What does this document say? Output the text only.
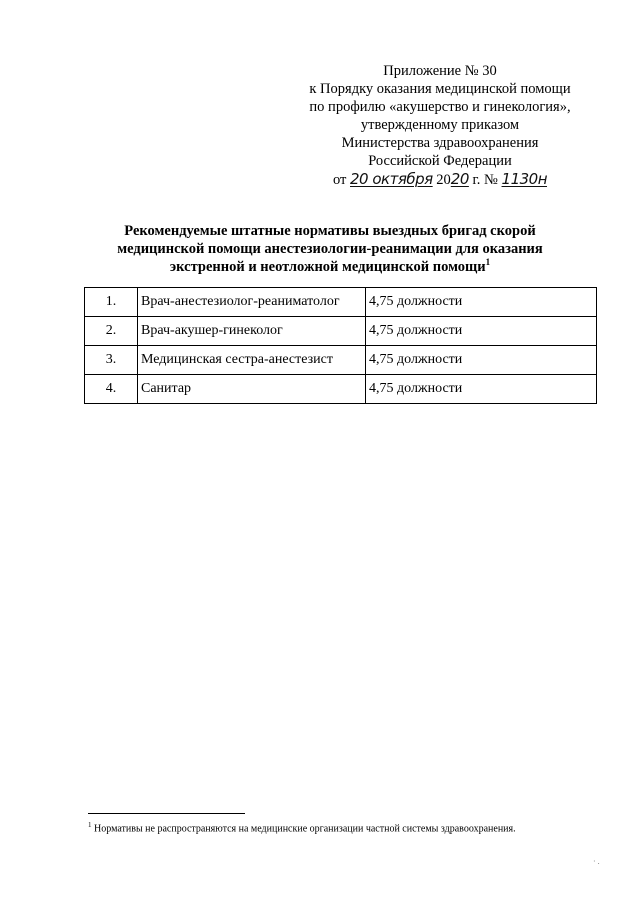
Приложение № 30
к Порядку оказания медицинской помощи
по профилю «акушерство и гинекология»,
утвержденному приказом
Министерства здравоохранения
Российской Федерации
от 20 октября 2020 г. № 1130н
Рекомендуемые штатные нормативы выездных бригад скорой
медицинской помощи анестезиологии-реанимации для оказания
экстренной и неотложной медицинской помощи$^1$
1.	Врач-анестезиолог-реаниматолог	4,75 должности
2.	Врач-акушер-гинеколог	4,75 должности
3.	Медицинская сестра-анестезист	4,75 должности
4.	Санитар	4,75 должности
$^1$ Нормативы не распространяются на медицинские организации частной системы здравоохранения.
· .
